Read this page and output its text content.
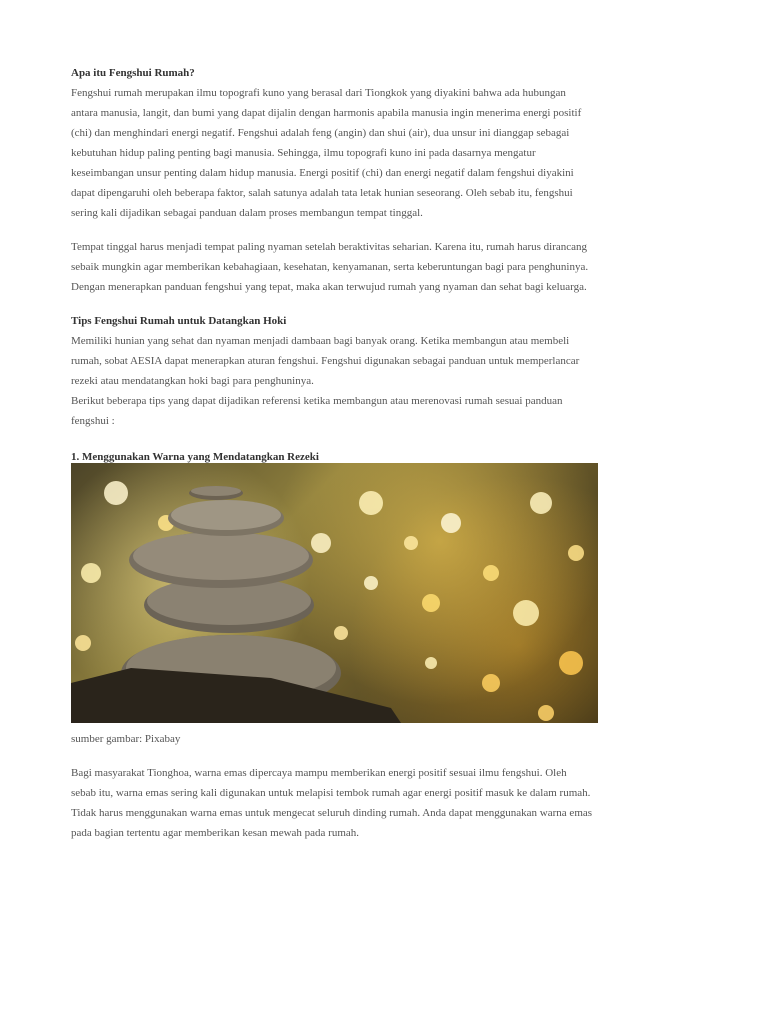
Apa itu Fengshui Rumah?

Fengshui rumah merupakan ilmu topografi kuno yang berasal dari Tiongkok yang diyakini bahwa ada hubungan

antara manusia, langit, dan bumi yang dapat dijalin dengan harmonis apabila manusia ingin menerima energi positif

(chi) dan menghindari energi negatif. Fengshui adalah feng (angin) dan shui (air), dua unsur ini dianggap sebagai

kebutuhan hidup paling penting bagi manusia. Sehingga, ilmu topografi kuno ini pada dasarnya mengatur

keseimbangan unsur penting dalam hidup manusia. Energi positif (chi) dan energi negatif dalam fengshui diyakini

dapat dipengaruhi oleh beberapa faktor, salah satunya adalah tata letak hunian seseorang. Oleh sebab itu, fengshui

sering kali dijadikan sebagai panduan dalam proses membangun tempat tinggal.

Tempat tinggal harus menjadi tempat paling nyaman setelah beraktivitas seharian. Karena itu, rumah harus dirancang

sebaik mungkin agar memberikan kebahagiaan, kesehatan, kenyamanan, serta keberuntungan bagi para penghuninya.

Dengan menerapkan panduan fengshui yang tepat, maka akan terwujud rumah yang nyaman dan sehat bagi keluarga.

Tips Fengshui Rumah untuk Datangkan Hoki

Memiliki hunian yang sehat dan nyaman menjadi dambaan bagi banyak orang. Ketika membangun atau membeli

rumah, sobat AESIA dapat menerapkan aturan fengshui. Fengshui digunakan sebagai panduan untuk memperlancar

rezeki atau mendatangkan hoki bagi para penghuninya.

Berikut beberapa tips yang dapat dijadikan referensi ketika membangun atau merenovasi rumah sesuai panduan

fengshui :

1. Menggunakan Warna yang Mendatangkan Rezeki

sumber gambar: Pixabay

Bagi masyarakat Tionghoa, warna emas dipercaya mampu memberikan energi positif sesuai ilmu fengshui. Oleh

sebab itu, warna emas sering kali digunakan untuk melapisi tembok rumah agar energi positif masuk ke dalam rumah.

Tidak harus menggunakan warna emas untuk mengecat seluruh dinding rumah. Anda dapat menggunakan warna emas

pada bagian tertentu agar memberikan kesan mewah pada rumah.
